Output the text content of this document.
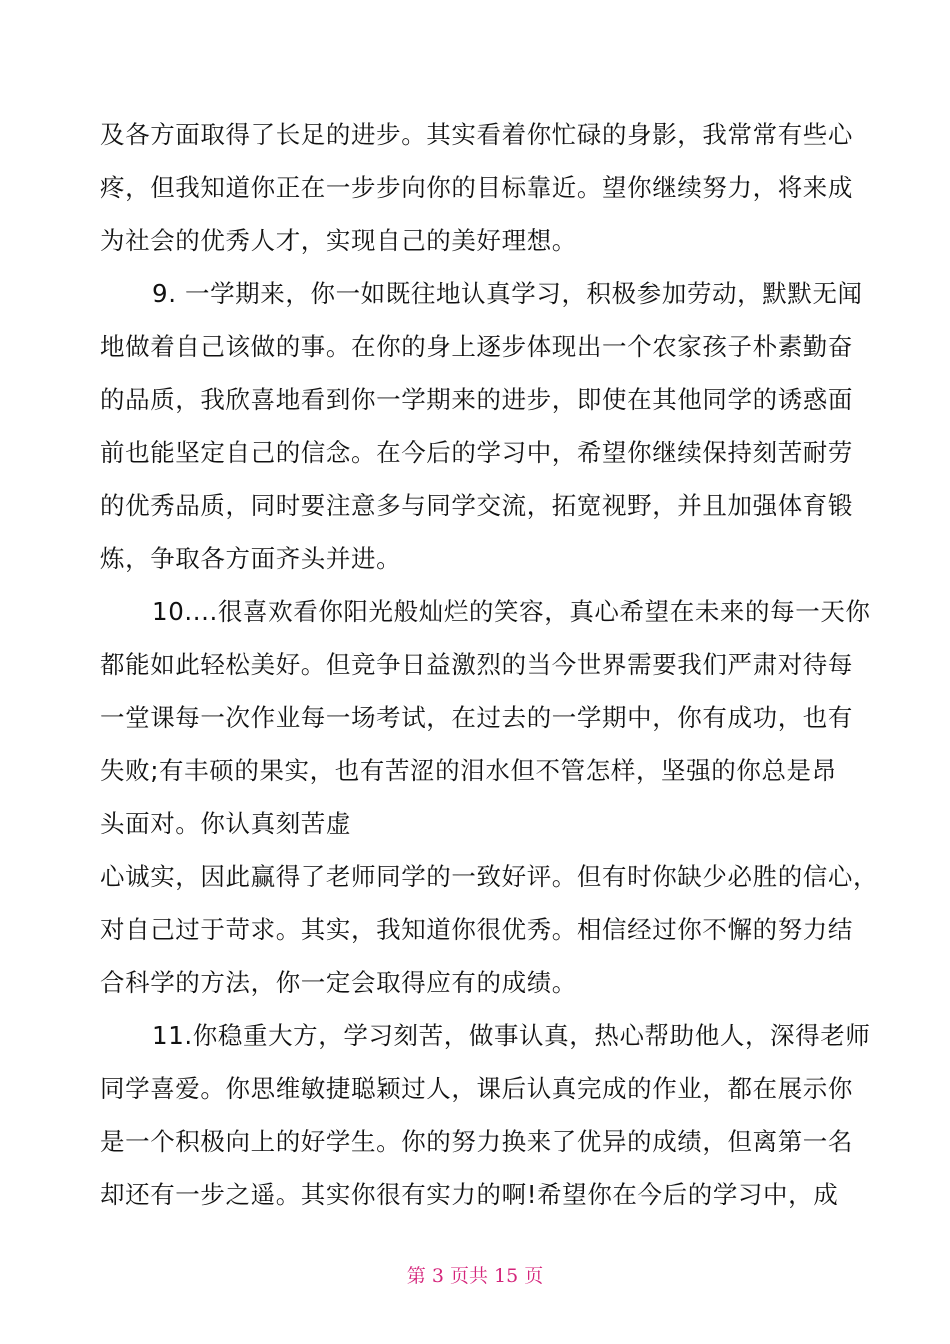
及各方面取得了长足的进步。其实看着你忙碌的身影，我常常有些心
疼，但我知道你正在一步步向你的目标靠近。望你继续努力，将来成
为社会的优秀人才，实现自己的美好理想。
9. 一学期来，你一如既往地认真学习，积极参加劳动，默默无闻
地做着自己该做的事。在你的身上逐步体现出一个农家孩子朴素勤奋
的品质，我欣喜地看到你一学期来的进步，即使在其他同学的诱惑面
前也能坚定自己的信念。在今后的学习中，希望你继续保持刻苦耐劳
的优秀品质，同时要注意多与同学交流，拓宽视野，并且加强体育锻
炼，争取各方面齐头并进。
10....很喜欢看你阳光般灿烂的笑容，真心希望在未来的每一天你
都能如此轻松美好。但竞争日益激烈的当今世界需要我们严肃对待每
一堂课每一次作业每一场考试，在过去的一学期中，你有成功，也有
失败;有丰硕的果实，也有苦涩的泪水但不管怎样，坚强的你总是昂
头面对。你认真刻苦虚
心诚实，因此赢得了老师同学的一致好评。但有时你缺少必胜的信心，
对自己过于苛求。其实，我知道你很优秀。相信经过你不懈的努力结
合科学的方法，你一定会取得应有的成绩。
11.你稳重大方，学习刻苦，做事认真，热心帮助他人，深得老师
同学喜爱。你思维敏捷聪颖过人，课后认真完成的作业，都在展示你
是一个积极向上的好学生。你的努力换来了优异的成绩，但离第一名
却还有一步之遥。其实你很有实力的啊!希望你在今后的学习中，成
第 3 页共 15 页
